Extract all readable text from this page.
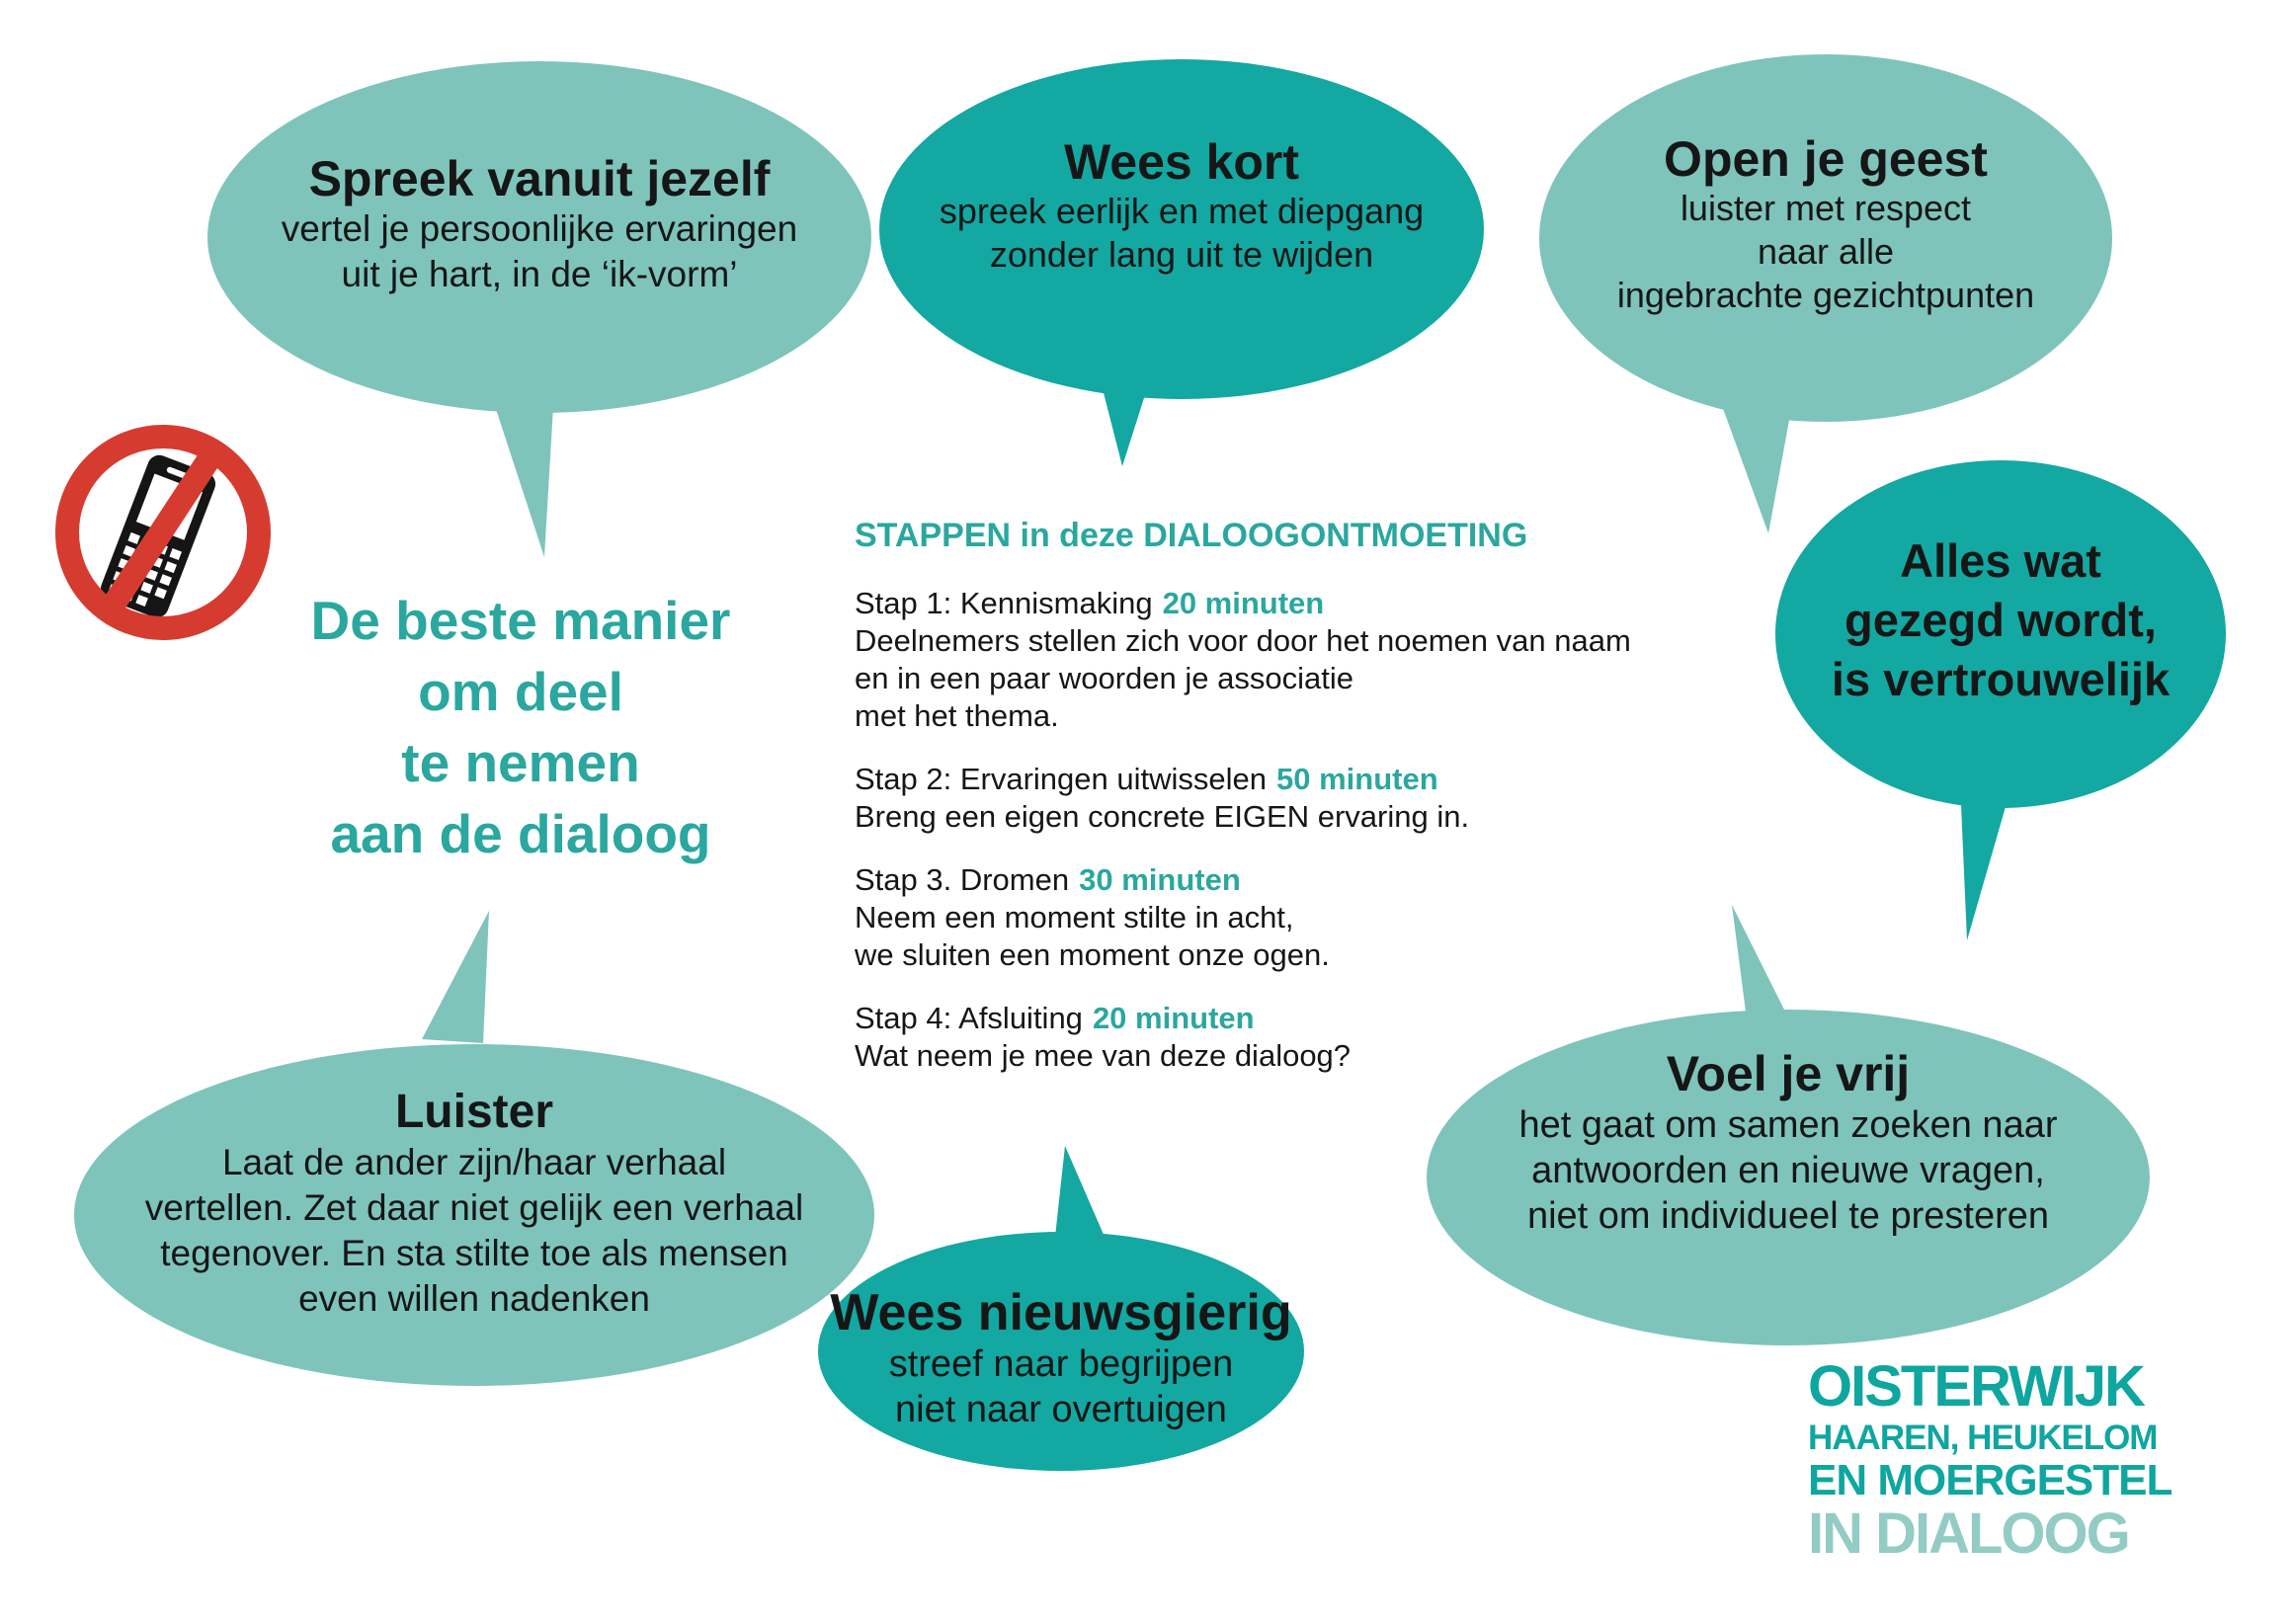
Spreek vanuit jezelf
vertel je persoonlijke ervaringen
uit je hart, in de ‘ik-vorm’
Wees kort
spreek eerlijk en met diepgang
zonder lang uit te wijden
Open je geest
luister met respect
naar alle
ingebrachte gezichtpunten
Alles wat
gezegd wordt,
is vertrouwelijk
Luister
Laat de ander zijn/haar verhaal
vertellen. Zet daar niet gelijk een verhaal
tegenover. En sta stilte toe als mensen
even willen nadenken	Wees nieuwsgierig
streef naar begrijpen
niet naar overtuigen
Voel je vrij
het gaat om samen zoeken naar
antwoorden en nieuwe vragen,
niet om individueel te presteren
De beste manier
om deel
te nemen
aan de dialoog
STAPPEN in deze DIALOOGONTMOETING
Stap 1: Kennismaking 20 minuten
Deelnemers stellen zich voor door het noemen van naam
en in een paar woorden je associatie
met het thema.
Stap 2: Ervaringen uitwisselen 50 minuten
Breng een eigen concrete EIGEN ervaring in.
Stap 3. Dromen 30 minuten
Neem een moment stilte in acht,
we sluiten een moment onze ogen.
Stap 4: Afsluiting 20 minuten
Wat neem je mee van deze dialoog?
OISTERWIJK
HAAREN, HEUKELOM
EN MOERGESTEL
IN DIALOOG
